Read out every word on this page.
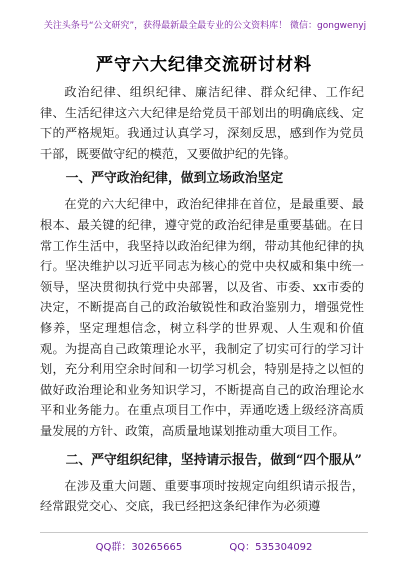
关注头条号“公文研究”，获得最新最全最专业的公文资料库！ 微信：gongwenyj
严守六大纪律交流研讨材料

政治纪律、组织纪律、廉洁纪律、群众纪律、工作纪律、生活纪律这六大纪律是给党员干部划出的明确底线、定下的严格规矩。我通过认真学习，深刻反思，感到作为党员干部，既要做守纪的模范，又要做护纪的先锋。

一、严守政治纪律，做到立场政治坚定

在党的六大纪律中，政治纪律排在首位，是最重要、最根本、最关键的纪律，遵守党的政治纪律是重要基础。在日常工作生活中，我坚持以政治纪律为纲，带动其他纪律的执行。坚决维护以习近平同志为核心的党中央权威和集中统一领导，坚决贯彻执行党中央部署，以及省、市委、xx市委的决定，不断提高自己的政治敏锐性和政治鉴别力，增强党性修养，坚定理想信念，树立科学的世界观、人生观和价值观。为提高自己政策理论水平，我制定了切实可行的学习计划，充分利用空余时间和一切学习机会，特别是持之以恒的做好政治理论和业务知识学习，不断提高自己的政治理论水平和业务能力。在重点项目工作中，弄通吃透上级经济高质量发展的方针、政策，高质量地谋划推动重大项目工作。

二、严守组织纪律，坚持请示报告，做到“四个服从”

在涉及重大问题、重要事项时按规定向组织请示报告，经常跟党交心、交底，我已经把这条纪律作为必须遵

QQ群：30265665	QQ：535304092
